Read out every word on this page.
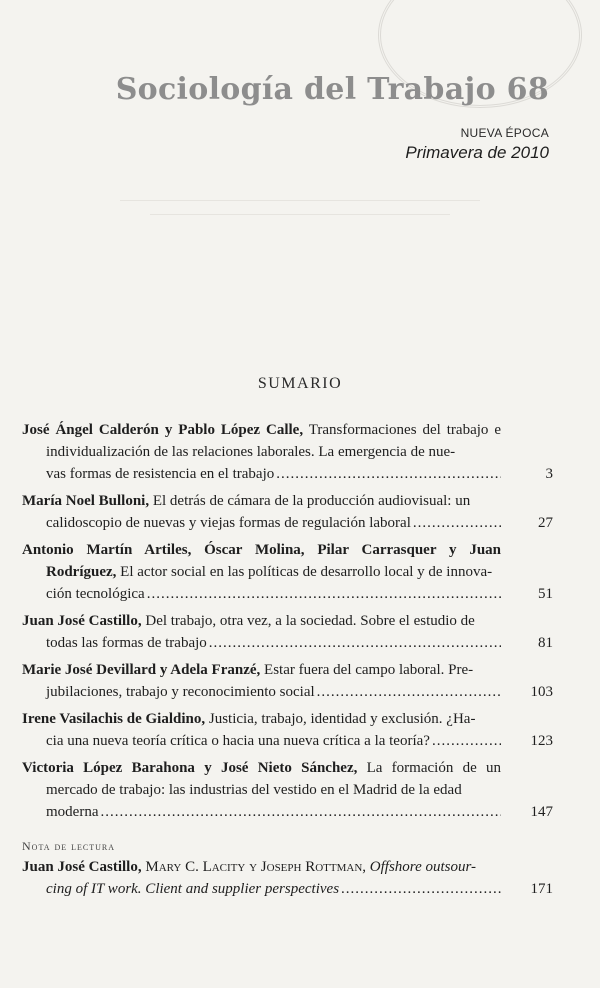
Sociología del Trabajo 68
NUEVA ÉPOCA
Primavera de 2010
SUMARIO
José Ángel Calderón y Pablo López Calle, Transformaciones del trabajo e individualización de las relaciones laborales. La emergencia de nue-
vas formas de resistencia en el trabajo .....	3
María Noel Bulloni, El detrás de cámara de la producción audiovisual: un
calidoscopio de nuevas y viejas formas de regulación laboral .....	27
Antonio Martín Artiles, Óscar Molina, Pilar Carrasquer y Juan Rodríguez, El actor social en las políticas de desarrollo local y de innova-
ción tecnológica .....	51
Juan José Castillo, Del trabajo, otra vez, a la sociedad. Sobre el estudio de
todas las formas de trabajo .....	81
Marie José Devillard y Adela Franzé, Estar fuera del campo laboral. Pre-
jubilaciones, trabajo y reconocimiento social .....	103
Irene Vasilachis de Gialdino, Justicia, trabajo, identidad y exclusión. ¿Ha-
cia una nueva teoría crítica o hacia una nueva crítica a la teoría? .....	123
Victoria López Barahona y José Nieto Sánchez, La formación de un mercado de trabajo: las industrias del vestido en el Madrid de la edad
moderna .....	147
Nota de lectura
Juan José Castillo, Mary C. Lacity y Joseph Rottman, Offshore outsour-
cing of IT work. Client and supplier perspectives .....	171
